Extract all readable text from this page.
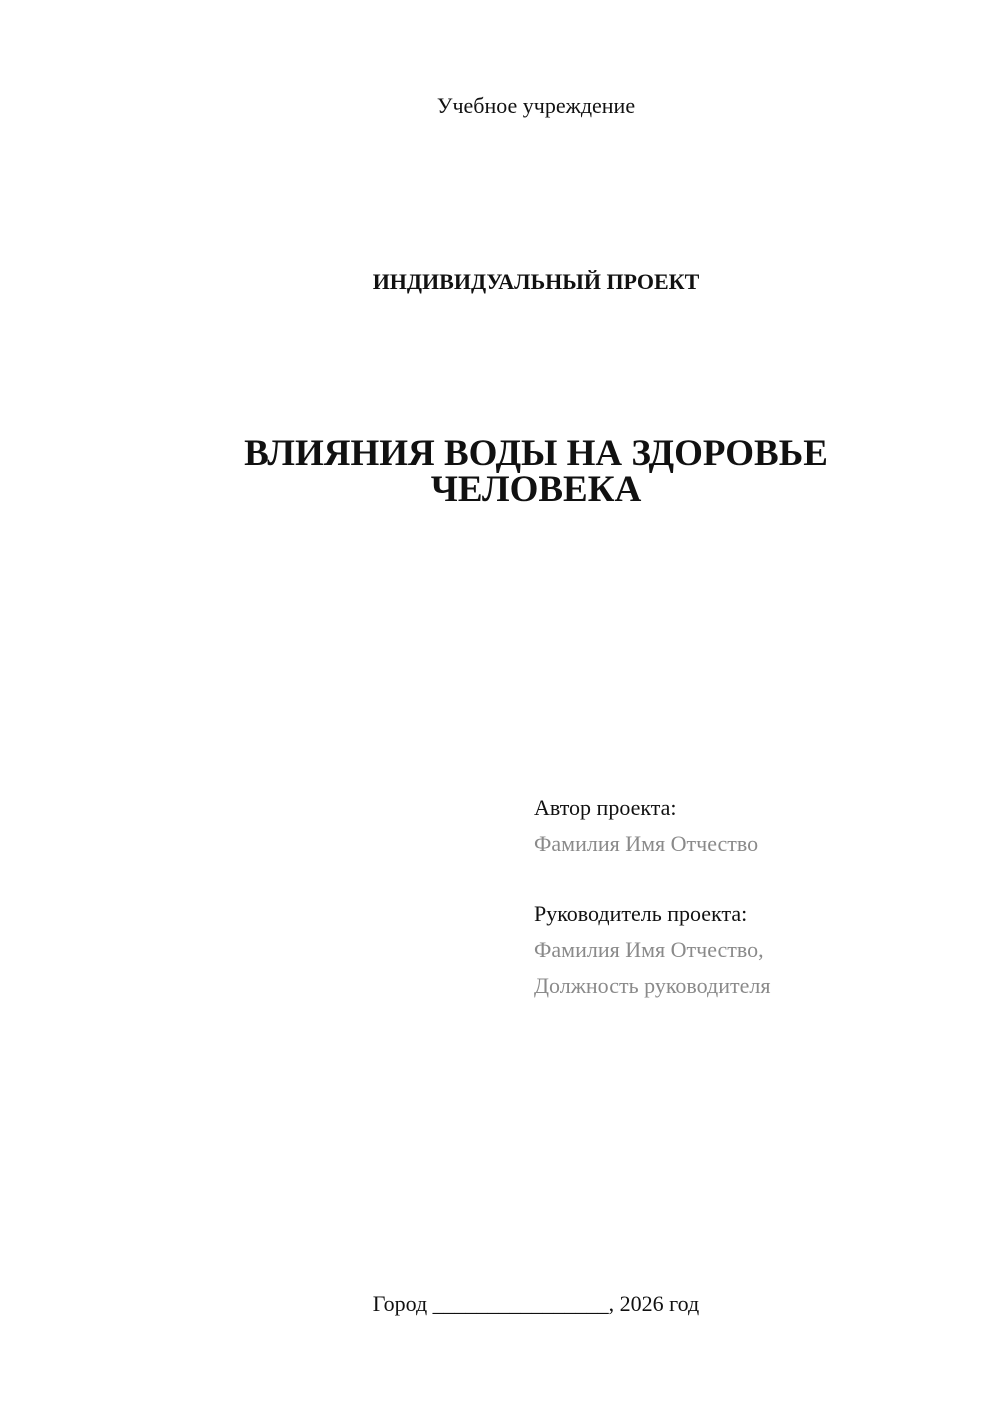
Учебное учреждение
ИНДИВИДУАЛЬНЫЙ ПРОЕКТ
ВЛИЯНИЯ ВОДЫ НА ЗДОРОВЬЕ
ЧЕЛОВЕКА
Автор проекта:
Фамилия Имя Отчество
Руководитель проекта:
Фамилия Имя Отчество,
Должность руководителя
Город ________________, 2026 год
